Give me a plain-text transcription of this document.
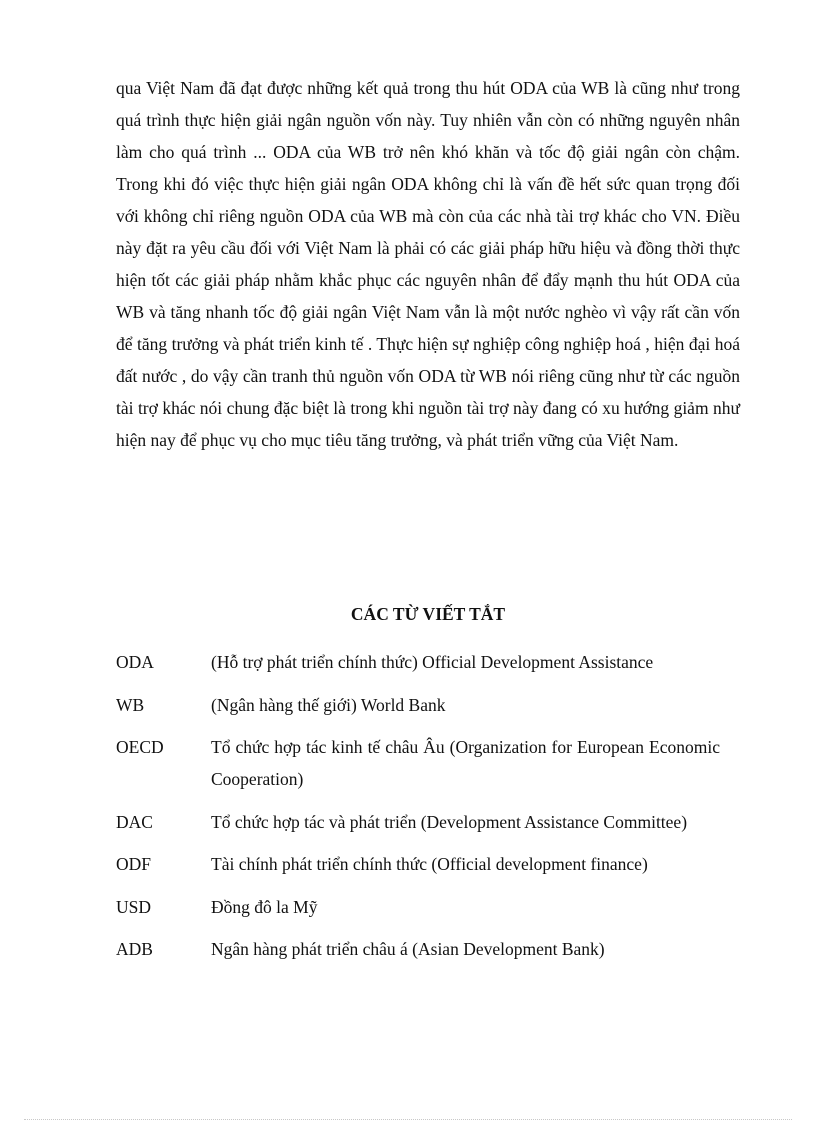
qua Việt Nam đã đạt được những kết quả trong thu hút ODA của WB là cũng như trong quá trình thực hiện giải ngân nguồn vốn này. Tuy nhiên vẫn còn có những nguyên nhân làm cho quá trình ... ODA của WB trở nên khó khăn và tốc độ giải ngân còn chậm. Trong khi đó việc thực hiện giải ngân ODA không chỉ là vấn đề hết sức quan trọng đối với không chỉ riêng nguồn ODA của WB mà còn của các nhà tài trợ khác cho VN. Điều này đặt ra yêu cầu đối với Việt Nam là phải có các giải pháp hữu hiệu và đồng thời thực hiện tốt các giải pháp nhằm khắc phục các nguyên nhân để đẩy mạnh thu hút ODA của WB và tăng nhanh tốc độ giải ngân Việt Nam vẫn là một nước nghèo vì vậy rất cần vốn để tăng trưởng và phát triển kinh tế . Thực hiện sự nghiệp công nghiệp hoá , hiện đại hoá đất nước , do vậy cần tranh thủ nguồn vốn ODA từ WB nói riêng cũng như từ các nguồn tài trợ khác nói chung đặc biệt là trong khi nguồn tài trợ này đang có xu hướng giảm như hiện nay để phục vụ cho mục tiêu tăng trưởng, và phát triển vững của Việt Nam.

CÁC TỪ VIẾT TẮT
ODA	(Hỗ trợ phát triển chính thức) Official Development Assistance
WB	(Ngân hàng thế giới) World Bank
OECD	Tổ chức hợp tác kinh tế châu Âu (Organization for European Economic Cooperation)
DAC	Tổ chức hợp tác và phát triển (Development Assistance Committee)
ODF	Tài chính phát triển chính thức (Official development finance)
USD	Đồng đô la Mỹ
ADB	Ngân hàng phát triển châu á (Asian Development Bank)
